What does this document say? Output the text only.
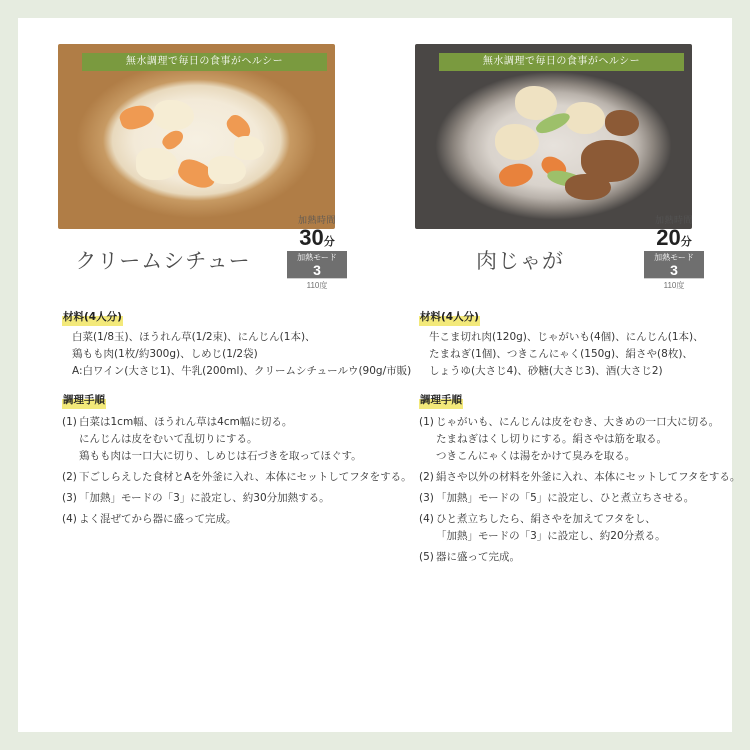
無水調理で毎日の食事がヘルシー
クリームシチュー
加熱時間
30分
加熱モード
3
110度
材料(4人分)
白菜(1/8玉)、ほうれん草(1/2束)、にんじん(1本)、
鶏もも肉(1枚/約300g)、しめじ(1/2袋)
A:白ワイン(大さじ1)、牛乳(200ml)、クリームシチュールウ(90g/市販)
調理手順
(1) 白菜は1cm幅、ほうれん草は4cm幅に切る。
にんじんは皮をむいて乱切りにする。
鶏もも肉は一口大に切り、しめじは石づきを取ってほぐす。
(2) 下ごしらえした食材とAを外釜に入れ、本体にセットしてフタをする。
(3) 「加熱」モードの「3」に設定し、約30分加熱する。
(4) よく混ぜてから器に盛って完成。
無水調理で毎日の食事がヘルシー
肉じゃが
加熱時間
20分
加熱モード
3
110度
材料(4人分)
牛こま切れ肉(120g)、じゃがいも(4個)、にんじん(1本)、
たまねぎ(1個)、つきこんにゃく(150g)、絹さや(8枚)、
しょうゆ(大さじ4)、砂糖(大さじ3)、酒(大さじ2)
調理手順
(1) じゃがいも、にんじんは皮をむき、大きめの一口大に切る。
たまねぎはくし切りにする。絹さやは筋を取る。
つきこんにゃくは湯をかけて臭みを取る。
(2) 絹さや以外の材料を外釜に入れ、本体にセットしてフタをする。
(3) 「加熱」モードの「5」に設定し、ひと煮立ちさせる。
(4) ひと煮立ちしたら、絹さやを加えてフタをし、
「加熱」モードの「3」に設定し、約20分煮る。
(5) 器に盛って完成。
